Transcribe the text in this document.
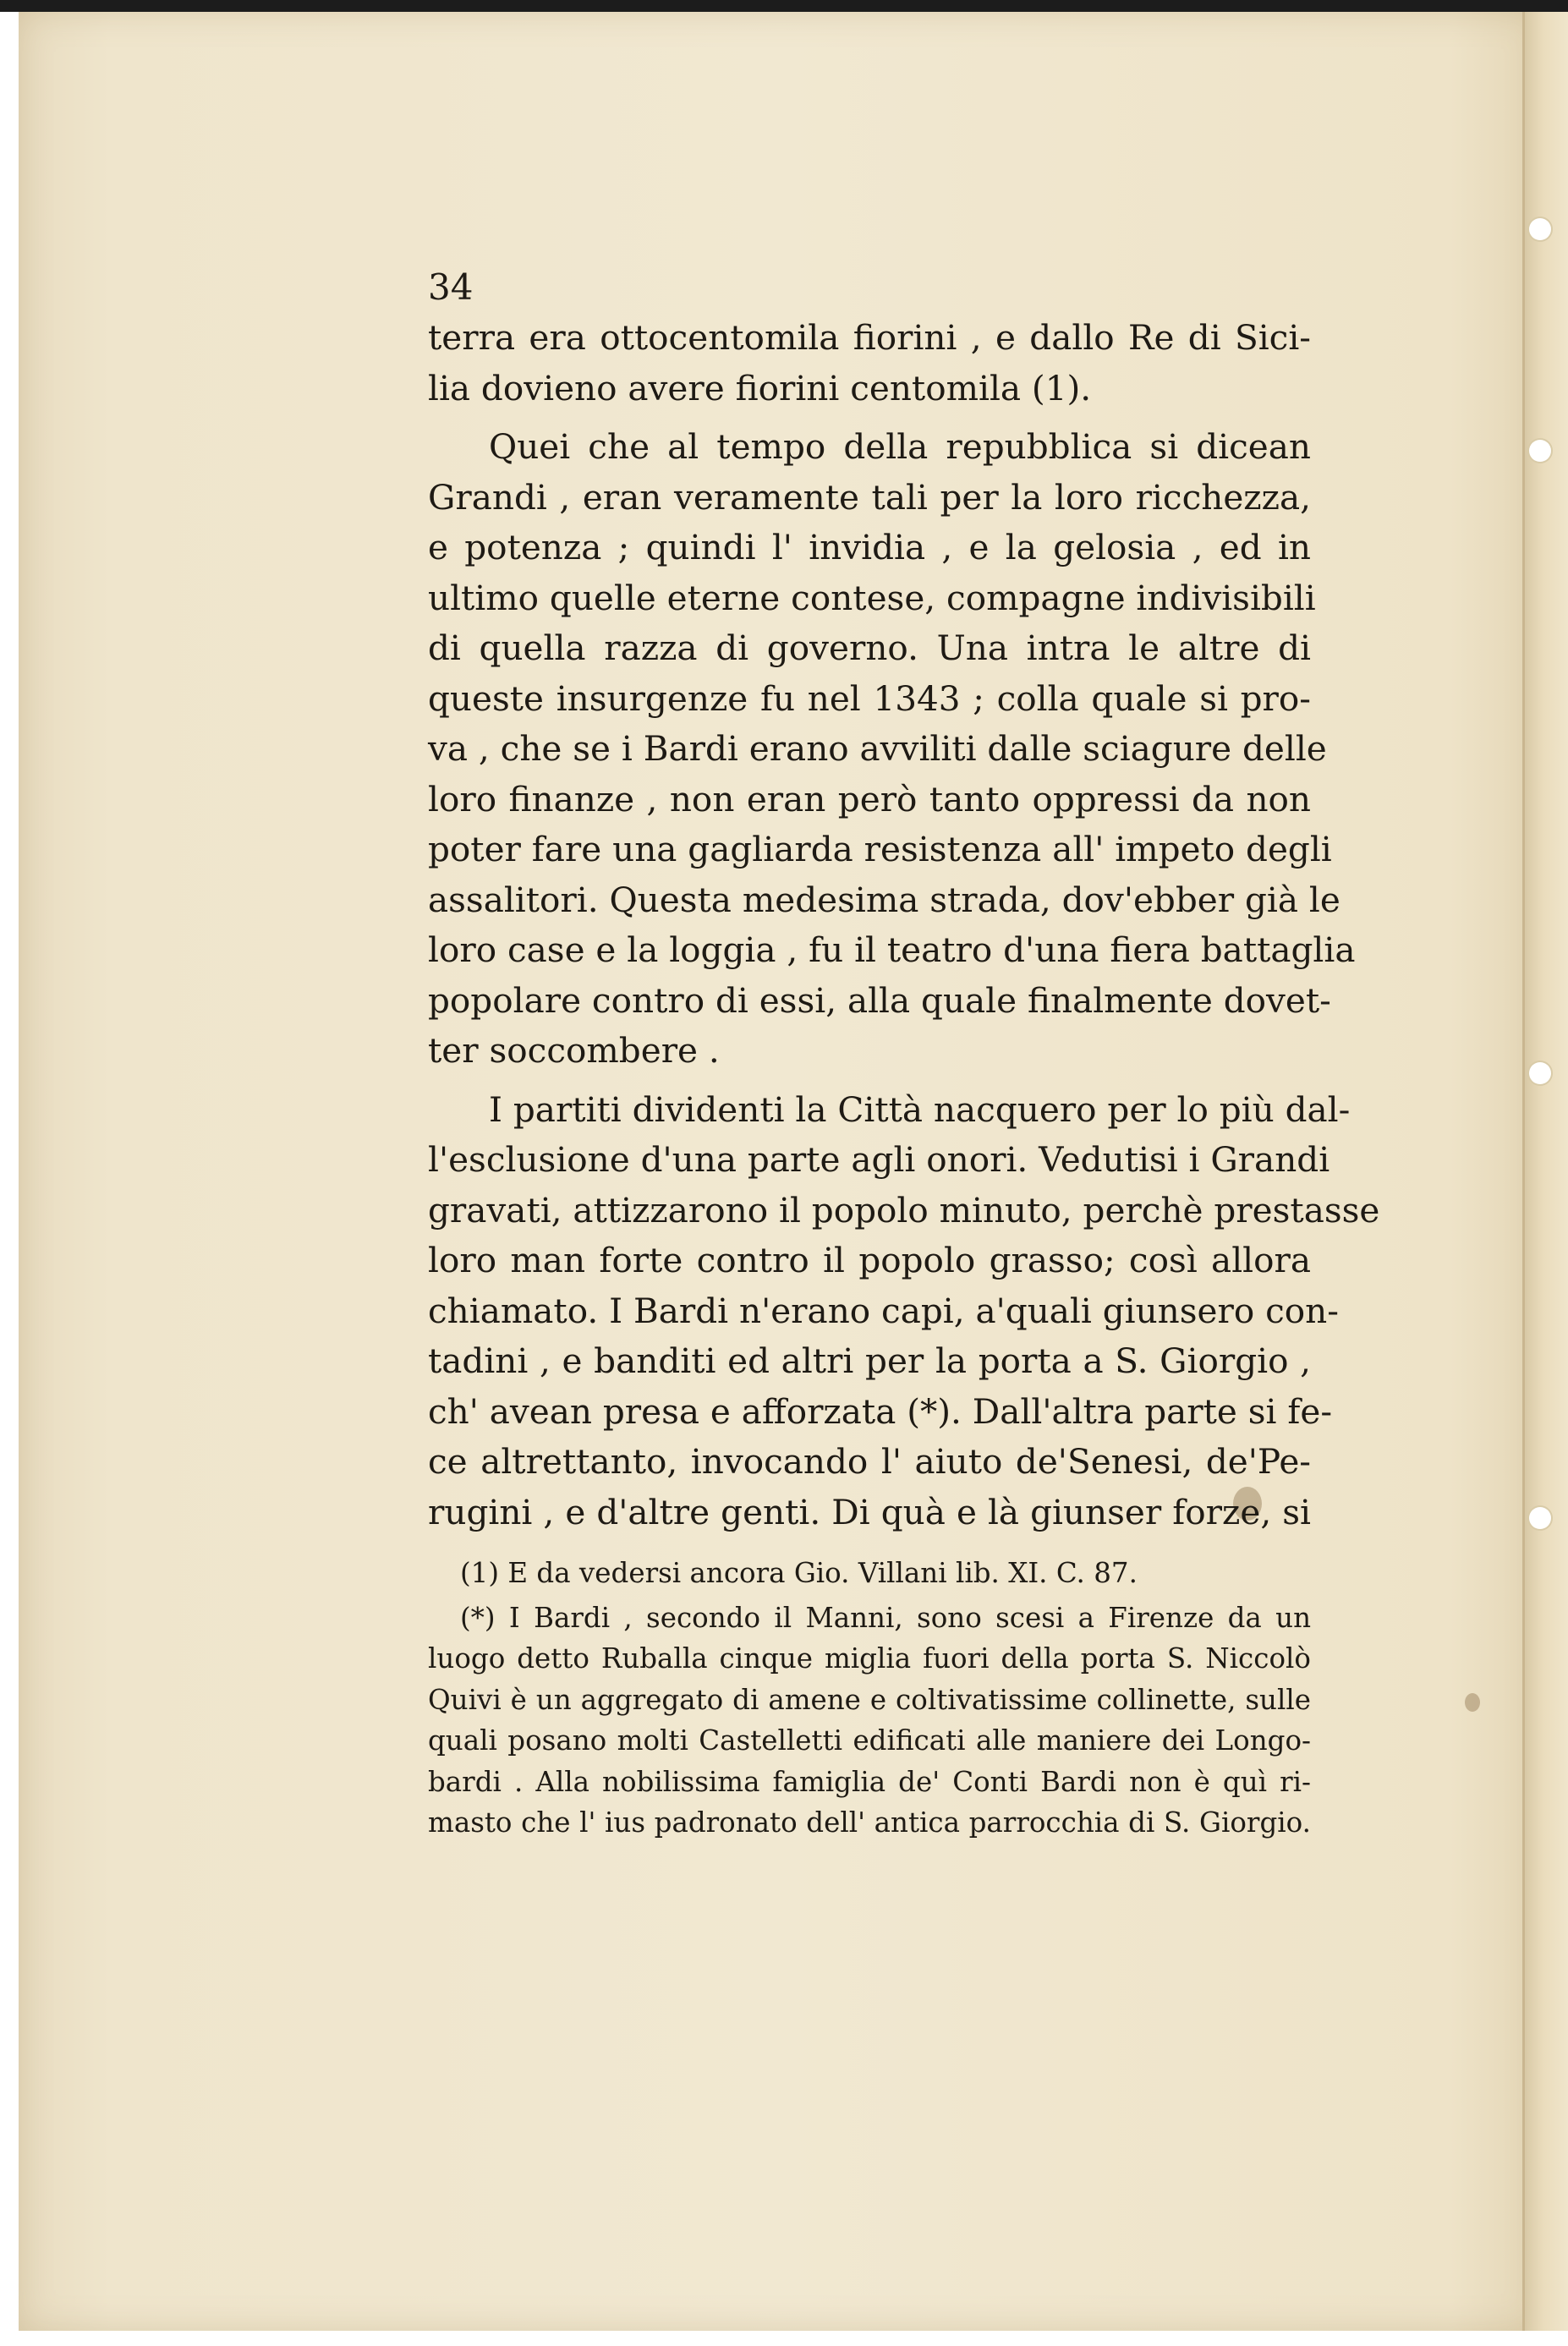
34
terra era ottocentomila fiorini , e dallo Re di Sici-
lia dovieno avere fiorini centomila (1).
Quei che al tempo della repubblica si dicean
Grandi , eran veramente tali per la loro ricchezza,
e potenza ; quindi l' invidia , e la gelosia , ed in
ultimo quelle eterne contese, compagne indivisibili
di quella razza di governo. Una intra le altre di
queste insurgenze fu nel 1343 ; colla quale si pro-
va , che se i Bardi erano avviliti dalle sciagure delle
loro finanze , non eran però tanto oppressi da non
poter fare una gagliarda resistenza all' impeto degli
assalitori. Questa medesima strada, dov'ebber già le
loro case e la loggia , fu il teatro d'una fiera battaglia
popolare contro di essi, alla quale finalmente dovet-
ter soccombere .
I partiti dividenti la Città nacquero per lo più dal-
l'esclusione d'una parte agli onori. Vedutisi i Grandi
gravati, attizzarono il popolo minuto, perchè prestasse
loro man forte contro il popolo grasso; così allora
chiamato. I Bardi n'erano capi, a'quali giunsero con-
tadini , e banditi ed altri per la porta a S. Giorgio ,
ch' avean presa e afforzata (*). Dall'altra parte si fe-
ce altrettanto, invocando l' aiuto de'Senesi, de'Pe-
rugini , e d'altre genti. Di quà e là giunser forze, si
(1) E da vedersi ancora Gio. Villani lib. XI. C. 87.
(*) I Bardi , secondo il Manni, sono scesi a Firenze da un
luogo detto Ruballa cinque miglia fuori della porta S. Niccolò
Quivi è un aggregato di amene e coltivatissime collinette, sulle
quali posano molti Castelletti edificati alle maniere dei Longo-
bardi . Alla nobilissima famiglia de' Conti Bardi non è quì ri-
masto che l' ius padronato dell' antica parrocchia di S. Giorgio.
